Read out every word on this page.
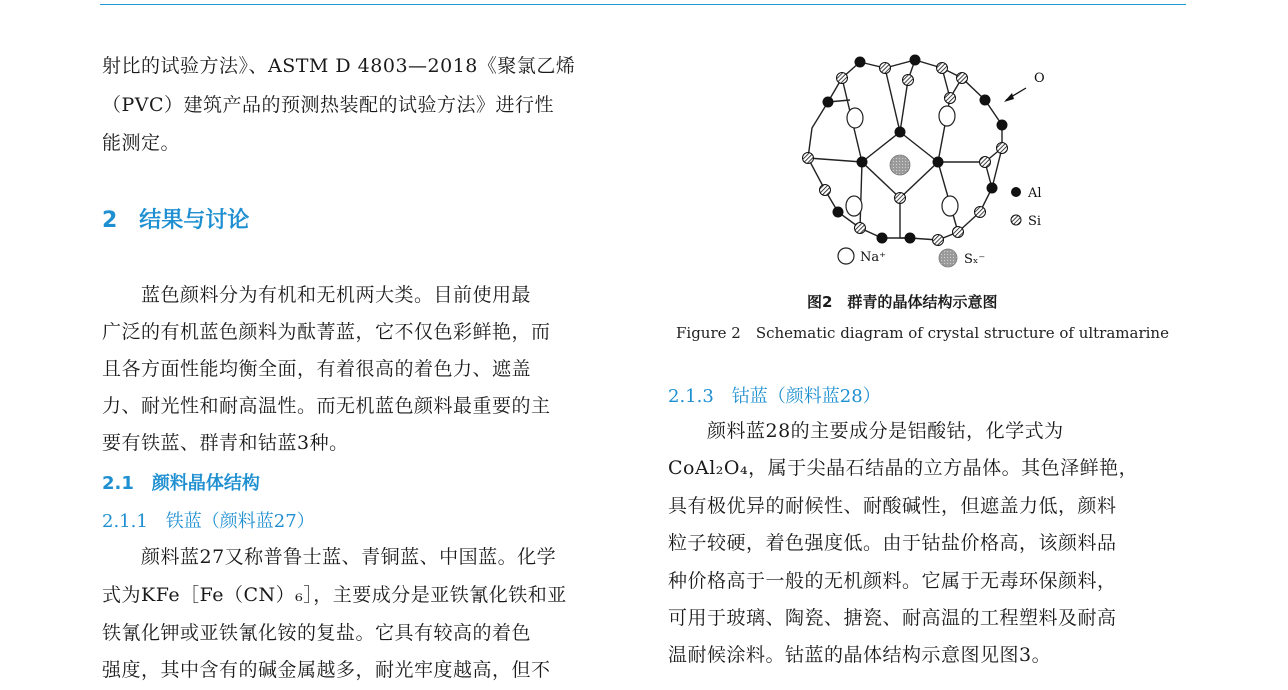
射比的试验方法》、ASTM D 4803—2018《聚氯乙烯
（PVC）建筑产品的预测热装配的试验方法》进行性
能测定。
2　结果与讨论
　　蓝色颜料分为有机和无机两大类。目前使用最
广泛的有机蓝色颜料为酞菁蓝，它不仅色彩鲜艳，而
且各方面性能均衡全面，有着很高的着色力、遮盖
力、耐光性和耐高温性。而无机蓝色颜料最重要的主
要有铁蓝、群青和钴蓝3种。
2.1　颜料晶体结构
2.1.1　铁蓝（颜料蓝27）
　　颜料蓝27又称普鲁士蓝、青铜蓝、中国蓝。化学
式为KFe［Fe（CN）₆］，主要成分是亚铁氰化铁和亚
铁氰化钾或亚铁氰化铵的复盐。它具有较高的着色
强度，其中含有的碱金属越多，耐光牢度越高，但不
O
Al
Si
Na⁺	Sₓ⁻
图2　群青的晶体结构示意图
Figure 2　Schematic diagram of crystal structure of ultramarine
2.1.3　钴蓝（颜料蓝28）
　　颜料蓝28的主要成分是铝酸钴，化学式为
CoAl₂O₄，属于尖晶石结晶的立方晶体。其色泽鲜艳，
具有极优异的耐候性、耐酸碱性，但遮盖力低，颜料
粒子较硬，着色强度低。由于钴盐价格高，该颜料品
种价格高于一般的无机颜料。它属于无毒环保颜料，
可用于玻璃、陶瓷、搪瓷、耐高温的工程塑料及耐高
温耐候涂料。钴蓝的晶体结构示意图见图3。
